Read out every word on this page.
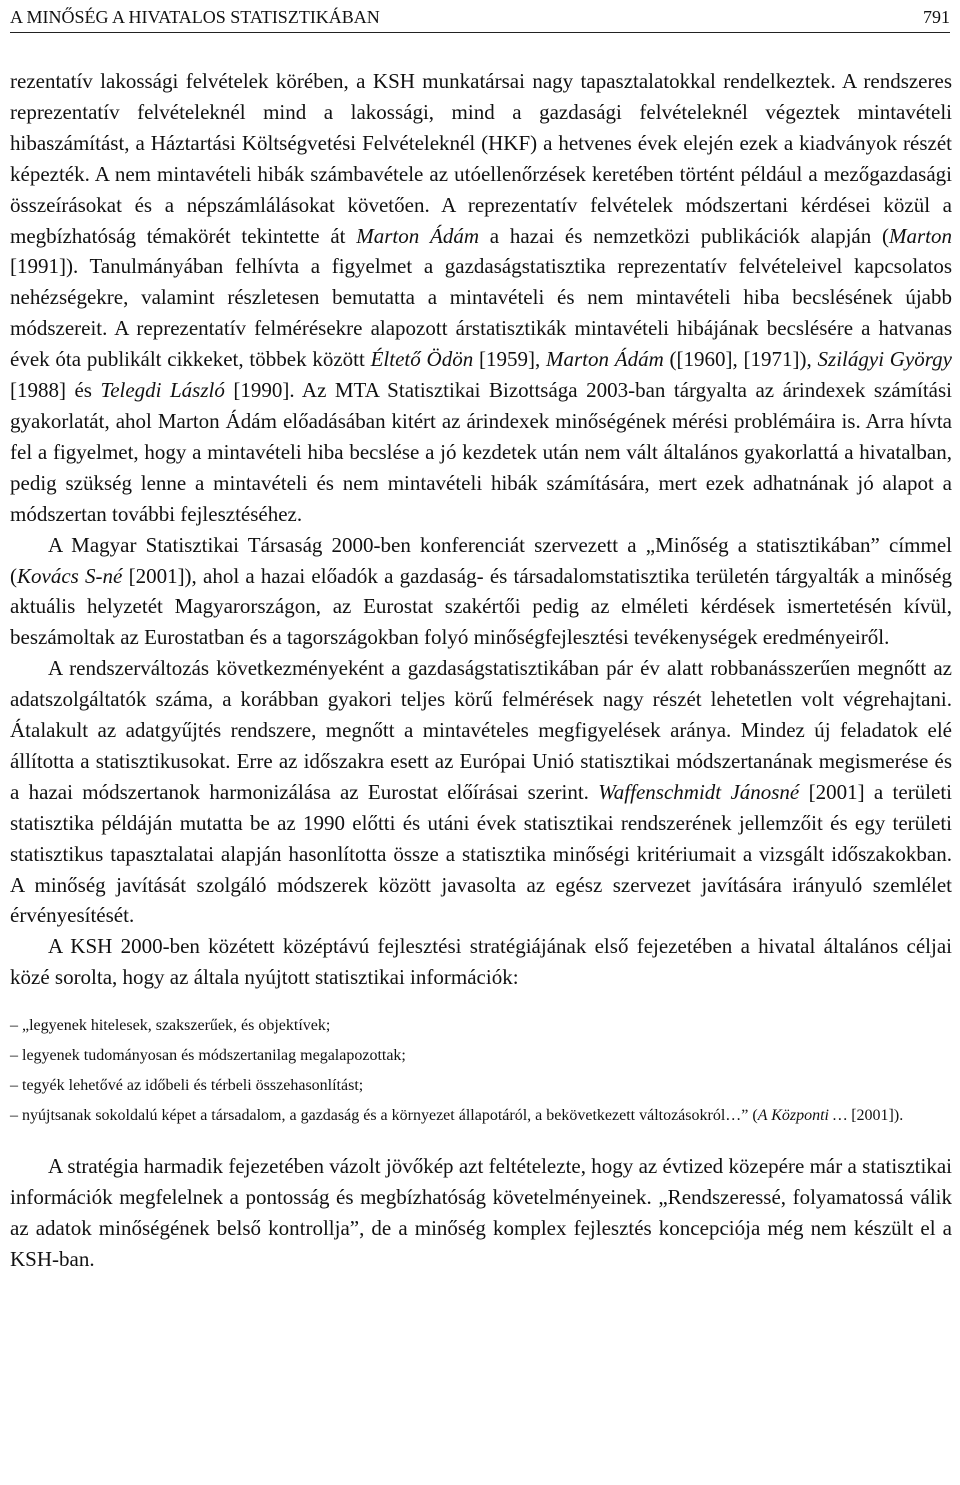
A MINŐSÉG A HIVATALOS STATISZTIKÁBAN	791

rezentatív lakossági felvételek körében, a KSH munkatársai nagy tapasztalatokkal rendelkeztek. A rendszeres reprezentatív felvételeknél mind a lakossági, mind a gazdasági felvételeknél végeztek mintavételi hibaszámítást, a Háztartási Költségvetési Felvételeknél (HKF) a hetvenes évek elején ezek a kiadványok részét képezték. A nem mintavételi hibák számbavétele az utóellenőrzések keretében történt például a mezőgazdasági összeírásokat és a népszámlálásokat követően. A reprezentatív felvételek módszertani kérdései közül a megbízhatóság témakörét tekintette át Marton Ádám a hazai és nemzetközi publikációk alapján (Marton [1991]). Tanulmányában felhívta a figyelmet a gazdaságstatisztika reprezentatív felvételeivel kapcsolatos nehézségekre, valamint részletesen bemutatta a mintavételi és nem mintavételi hiba becslésének újabb módszereit. A reprezentatív felmérésekre alapozott árstatisztikák mintavételi hibájának becslésére a hatvanas évek óta publikált cikkeket, többek között Éltető Ödön [1959], Marton Ádám ([1960], [1971]), Szilágyi György [1988] és Telegdi László [1990]. Az MTA Statisztikai Bizottsága 2003-ban tárgyalta az árindexek számítási gyakorlatát, ahol Marton Ádám előadásában kitért az árindexek minőségének mérési problémáira is. Arra hívta fel a figyelmet, hogy a mintavételi hiba becslése a jó kezdetek után nem vált általános gyakorlattá a hivatalban, pedig szükség lenne a mintavételi és nem mintavételi hibák számítására, mert ezek adhatnának jó alapot a módszertan további fejlesztéséhez.

A Magyar Statisztikai Társaság 2000-ben konferenciát szervezett a „Minőség a statisztikában” címmel (Kovács S-né [2001]), ahol a hazai előadók a gazdaság- és társadalomstatisztika területén tárgyalták a minőség aktuális helyzetét Magyarországon, az Eurostat szakértői pedig az elméleti kérdések ismertetésén kívül, beszámoltak az Eurostatban és a tagországokban folyó minőségfejlesztési tevékenységek eredményeiről.

A rendszerváltozás következményeként a gazdaságstatisztikában pár év alatt robbanásszerűen megnőtt az adatszolgáltatók száma, a korábban gyakori teljes körű felmérések nagy részét lehetetlen volt végrehajtani. Átalakult az adatgyűjtés rendszere, megnőtt a mintavételes megfigyelések aránya. Mindez új feladatok elé állította a statisztikusokat. Erre az időszakra esett az Európai Unió statisztikai módszertanának megismerése és a hazai módszertanok harmonizálása az Eurostat előírásai szerint. Waffenschmidt Jánosné [2001] a területi statisztika példáján mutatta be az 1990 előtti és utáni évek statisztikai rendszerének jellemzőit és egy területi statisztikus tapasztalatai alapján hasonlította össze a statisztika minőségi kritériumait a vizsgált időszakokban. A minőség javítását szolgáló módszerek között javasolta az egész szervezet javítására irányuló szemlélet érvényesítését.

A KSH 2000-ben közétett középtávú fejlesztési stratégiájának első fejezetében a hivatal általános céljai közé sorolta, hogy az általa nyújtott statisztikai információk:

– „legyenek hitelesek, szakszerűek, és objektívek;
– legyenek tudományosan és módszertanilag megalapozottak;
– tegyék lehetővé az időbeli és térbeli összehasonlítást;
– nyújtsanak sokoldalú képet a társadalom, a gazdaság és a környezet állapotáról, a bekövetkezett változásokról…” (A Központi … [2001]).

A stratégia harmadik fejezetében vázolt jövőkép azt feltételezte, hogy az évtized közepére már a statisztikai információk megfelelnek a pontosság és megbízhatóság követelményeinek. „Rendszeressé, folyamatossá válik az adatok minőségének belső kontrollja”, de a minőség komplex fejlesztés koncepciója még nem készült el a KSH-ban.
